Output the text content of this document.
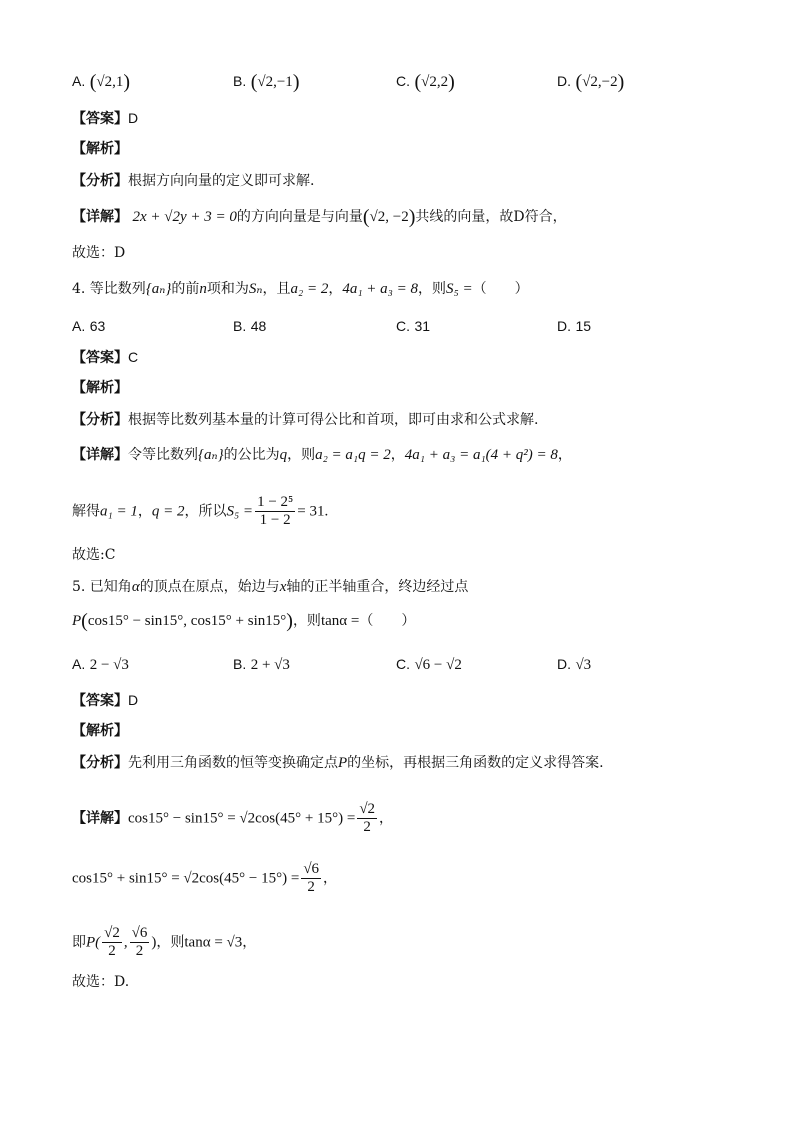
A. (√2,1)	B. (√2,−1)	C. (√2,2)	D. (√2,−2)
【答案】D
【解析】
【分析】根据方向向量的定义即可求解.
【详解】 2x + √2y + 3 = 0的方向向量是与向量(√2, −2)共线的向量，故D符合，
故选：D
4. 等比数列{aₙ}的前n项和为Sₙ，且a₂ = 2，4a₁ + a₃ = 8，则S₅ =（　　）
A. 63	B. 48	C. 31	D. 15
【答案】C
【解析】
【分析】根据等比数列基本量的计算可得公比和首项，即可由求和公式求解.
【详解】令等比数列{aₙ}的公比为q，则a₂ = a₁q = 2，4a₁ + a₃ = a₁(4 + q²) = 8，
解得a₁ = 1，q = 2，所以$S_5 = \frac{\text{1 − 2⁵}}{1 - 2} = 31$.
故选:C
5. 已知角α的顶点在原点，始边与x轴的正半轴重合，终边经过点
P(cos15° − sin15°, cos15° + sin15°)，则tanα =（　　）
A. 2 − √3	B. 2 + √3	C. √6 − √2	D. √3
【答案】D
【解析】
【分析】先利用三角函数的恒等变换确定点P的坐标，再根据三角函数的定义求得答案.
【详解】$\cos 15^\circ - \sin 15^\circ = √2\cos(45^\circ + 15^\circ) = \frac{√2}{2}$ ，
$\cos 15^\circ + \sin 15^\circ = √2\cos(45^\circ - 15^\circ) = \frac{√6}{2}$ ，
即$P( \frac{√2}{2}$ , $\frac{√6}{2}$ )，则tanα = √3，
故选：D.
